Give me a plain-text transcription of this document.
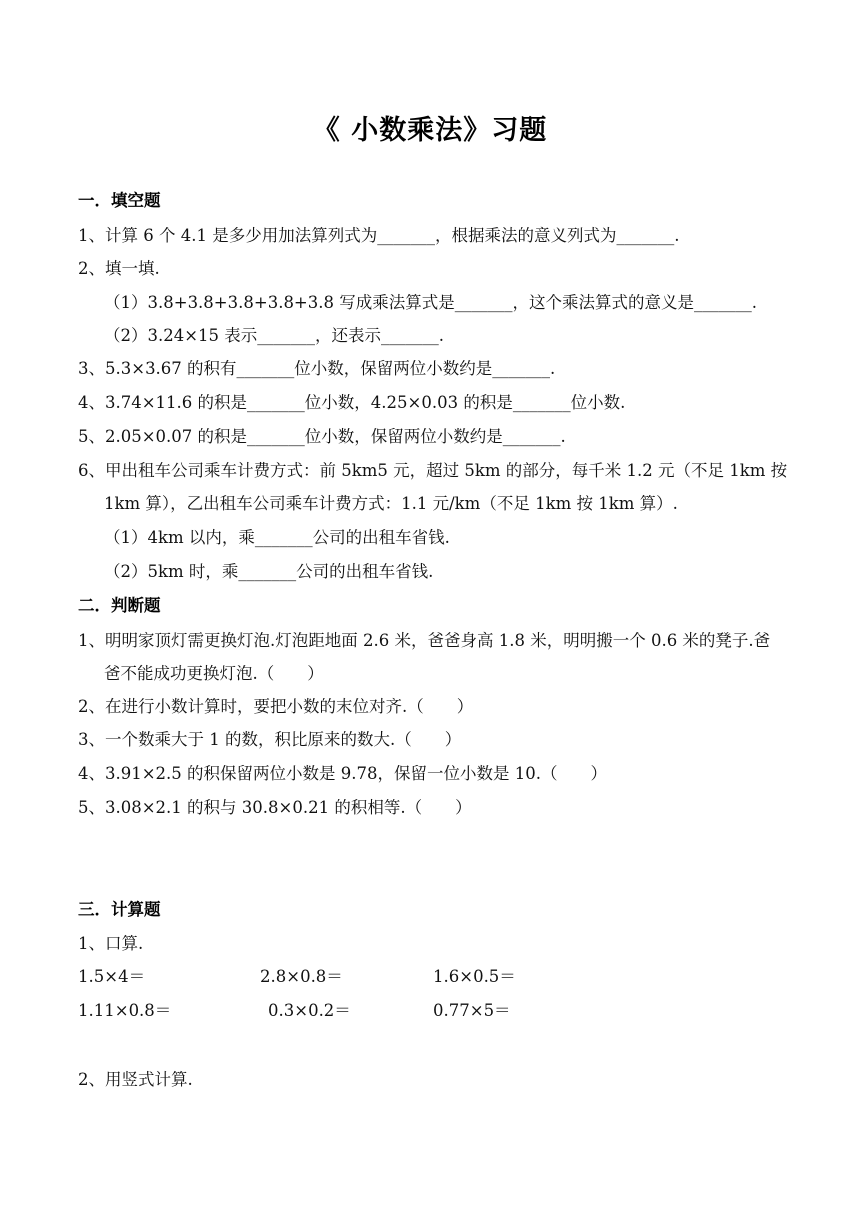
《 小数乘法》习题
一．填空题
1、计算 6 个 4.1 是多少用加法算列式为_______，根据乘法的意义列式为_______.
2、填一填.
（1）3.8+3.8+3.8+3.8+3.8 写成乘法算式是_______，这个乘法算式的意义是_______.
（2）3.24×15 表示_______，还表示_______.
3、5.3×3.67 的积有_______位小数，保留两位小数约是_______.
4、3.74×11.6 的积是_______位小数，4.25×0.03 的积是_______位小数.
5、2.05×0.07 的积是_______位小数，保留两位小数约是_______.
6、甲出租车公司乘车计费方式：前 5km5 元，超过 5km 的部分，每千米 1.2 元（不足 1km 按
1km 算），乙出租车公司乘车计费方式：1.1 元/km（不足 1km 按 1km 算）.
（1）4km 以内，乘_______公司的出租车省钱.
（2）5km 时，乘_______公司的出租车省钱.
二．判断题
1、明明家顶灯需更换灯泡.灯泡距地面 2.6 米，爸爸身高 1.8 米，明明搬一个 0.6 米的凳子.爸
爸不能成功更换灯泡.（　　）
2、在进行小数计算时，要把小数的末位对齐.（　　）
3、一个数乘大于 1 的数，积比原来的数大.（　　）
4、3.91×2.5 的积保留两位小数是 9.78，保留一位小数是 10.（　　）
5、3.08×2.1 的积与 30.8×0.21 的积相等.（　　）
三．计算题
1、口算.
1.5×4＝	2.8×0.8＝	1.6×0.5＝
1.11×0.8＝	0.3×0.2＝	0.77×5＝
2、用竖式计算.
